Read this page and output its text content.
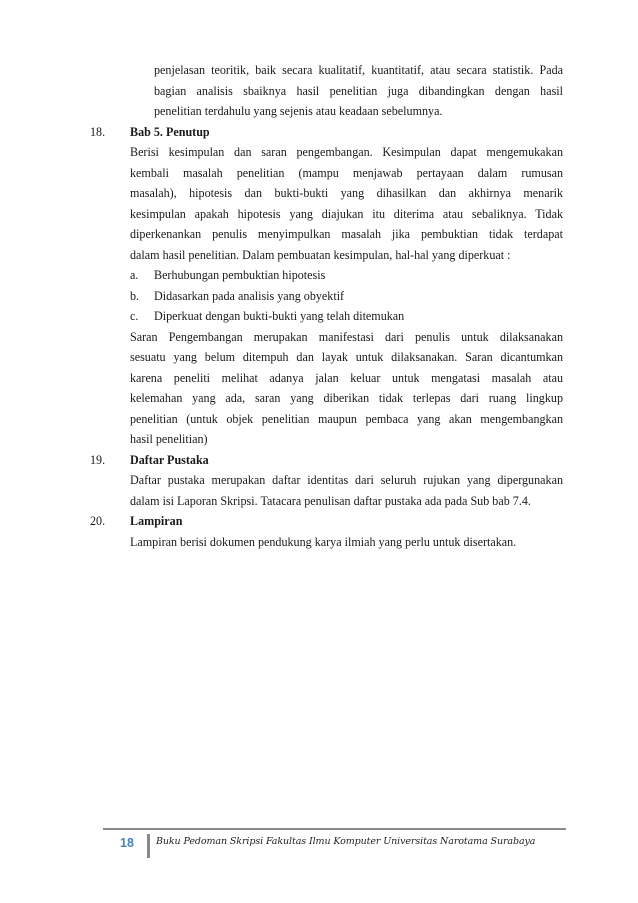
penjelasan teoritik, baik secara kualitatif, kuantitatif, atau secara statistik. Pada
bagian analisis sbaiknya hasil penelitian juga dibandingkan dengan hasil
penelitian terdahulu yang sejenis atau keadaan sebelumnya.
18. Bab 5. Penutup
Berisi kesimpulan dan saran pengembangan. Kesimpulan dapat mengemukakan
kembali masalah penelitian (mampu menjawab pertayaan dalam rumusan
masalah), hipotesis dan bukti-bukti yang dihasilkan dan akhirnya menarik
kesimpulan apakah hipotesis yang diajukan itu diterima atau sebaliknya. Tidak
diperkenankan penulis menyimpulkan masalah jika pembuktian tidak terdapat
dalam hasil penelitian. Dalam pembuatan kesimpulan, hal-hal yang diperkuat :
a. Berhubungan pembuktian hipotesis
b. Didasarkan pada analisis yang obyektif
c. Diperkuat dengan bukti-bukti yang telah ditemukan
Saran Pengembangan merupakan manifestasi dari penulis untuk dilaksanakan
sesuatu yang belum ditempuh dan layak untuk dilaksanakan. Saran dicantumkan
karena peneliti melihat adanya jalan keluar untuk mengatasi masalah atau
kelemahan yang ada, saran yang diberikan tidak terlepas dari ruang lingkup
penelitian (untuk objek penelitian maupun pembaca yang akan mengembangkan
hasil penelitian)
19. Daftar Pustaka
Daftar pustaka merupakan daftar identitas dari seluruh rujukan yang dipergunakan
dalam isi Laporan Skripsi. Tatacara penulisan daftar pustaka ada pada Sub bab 7.4.
20. Lampiran
Lampiran berisi dokumen pendukung karya ilmiah yang perlu untuk disertakan.
18 Buku Pedoman Skripsi Fakultas Ilmu Komputer Universitas Narotama Surabaya
